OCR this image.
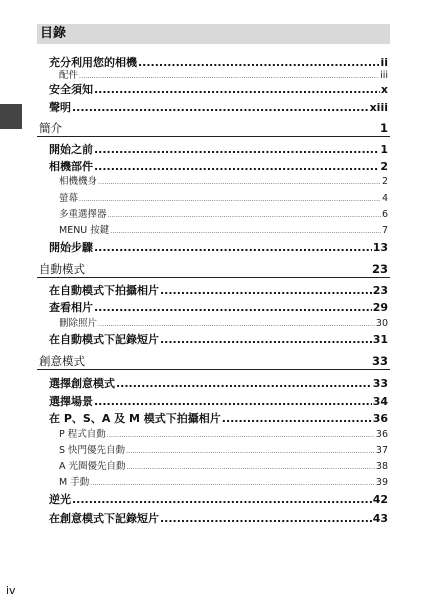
目錄
充分利用您的相機 .....	ii
配件 .....	iii
安全須知 .....	x
聲明 .....	xiii
簡介	1
開始之前 .....	1
相機部件 .....	2
相機機身 .....	2
螢幕 .....	4
多重選擇器 .....	6
MENU 按鍵 .....	7
開始步驟 .....	13
自動模式	23
在自動模式下拍攝相片 .....	23
查看相片 .....	29
刪除照片 .....	30
在自動模式下記錄短片 .....	31
創意模式	33
選擇創意模式 .....	33
選擇場景 .....	34
在 P、S、A 及 M 模式下拍攝相片 .....	36
P 程式自動 .....	36
S 快門優先自動 .....	37
A 光圈優先自動 .....	38
M 手動 .....	39
逆光 .....	42
在創意模式下記錄短片 .....	43
iv
